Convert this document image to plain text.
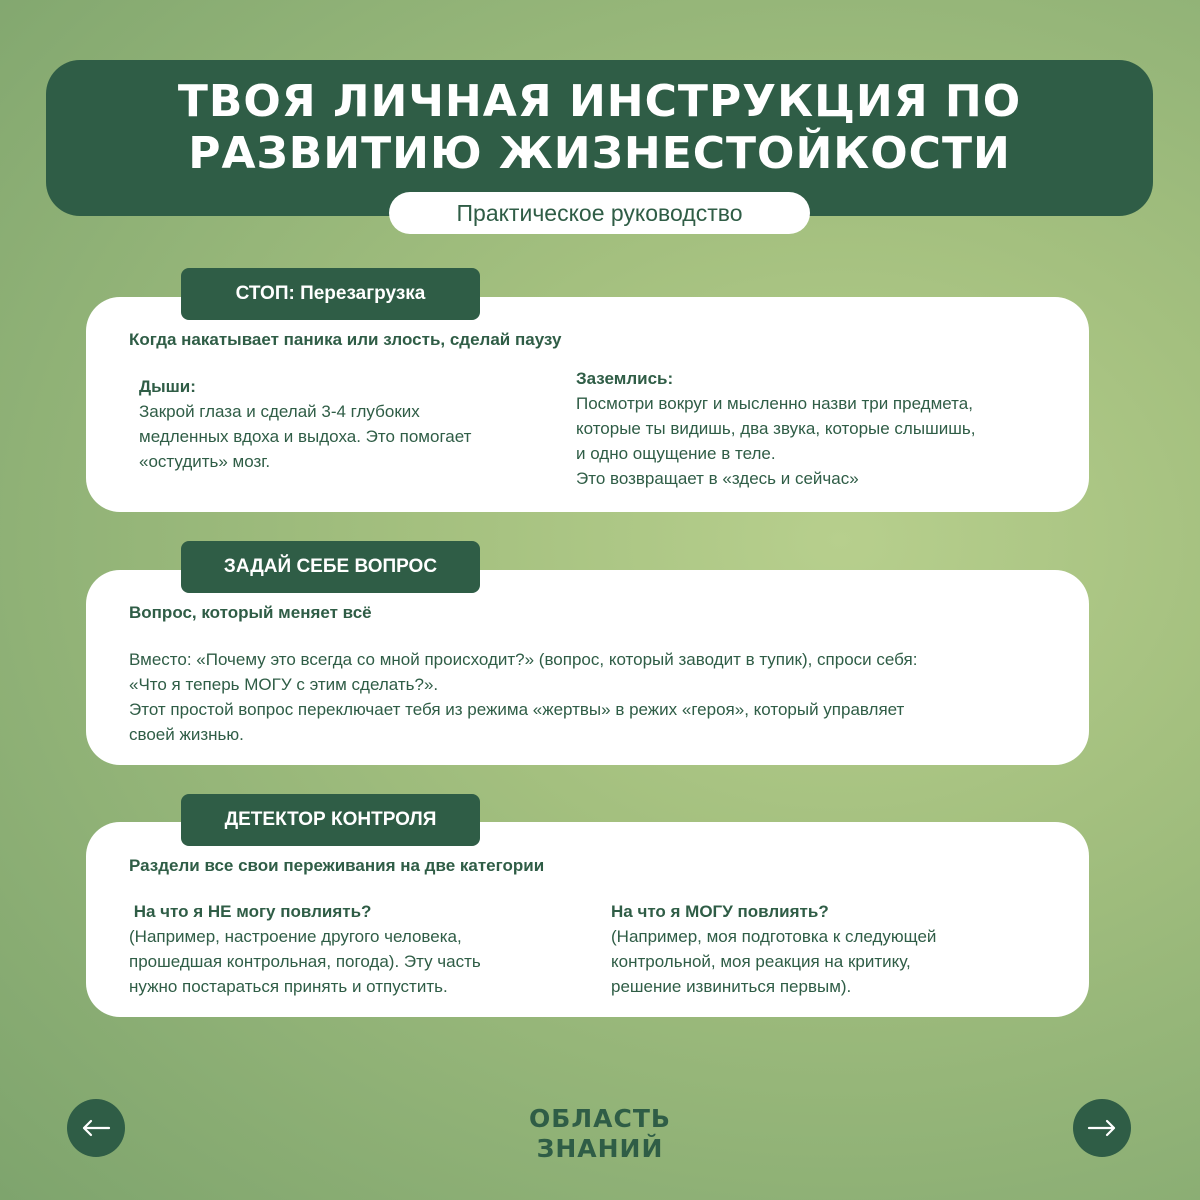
ТВОЯ ЛИЧНАЯ ИНСТРУКЦИЯ ПО
РАЗВИТИЮ ЖИЗНЕСТОЙКОСТИ
Практическое руководство
СТОП: Перезагрузка
Когда накатывает паника или злость, сделай паузу
Дыши:
Закрой глаза и сделай 3-4 глубоких
медленных вдоха и выдоха. Это помогает
«остудить» мозг.
Заземлись:
Посмотри вокруг и мысленно назви три предмета,
которые ты видишь, два звука, которые слышишь,
и одно ощущение в теле.
Это возвращает в «здесь и сейчас»
ЗАДАЙ СЕБЕ ВОПРОС
Вопрос, который меняет всё
Вместо: «Почему это всегда со мной происходит?» (вопрос, который заводит в тупик), спроси себя:
«Что я теперь МОГУ с этим сделать?».
Этот простой вопрос переключает тебя из режима «жертвы» в режих «героя», который управляет
своей жизнью.
ДЕТЕКТОР КОНТРОЛЯ
Раздели все свои переживания на две категории
На что я НЕ могу повлиять?
(Например, настроение другого человека,
прошедшая контрольная, погода). Эту часть
нужно постараться принять и отпустить.
На что я МОГУ повлиять?
(Например, моя подготовка к следующей
контрольной, моя реакция на критику,
решение извиниться первым).
ОБЛАСТЬ
ЗНАНИЙ
